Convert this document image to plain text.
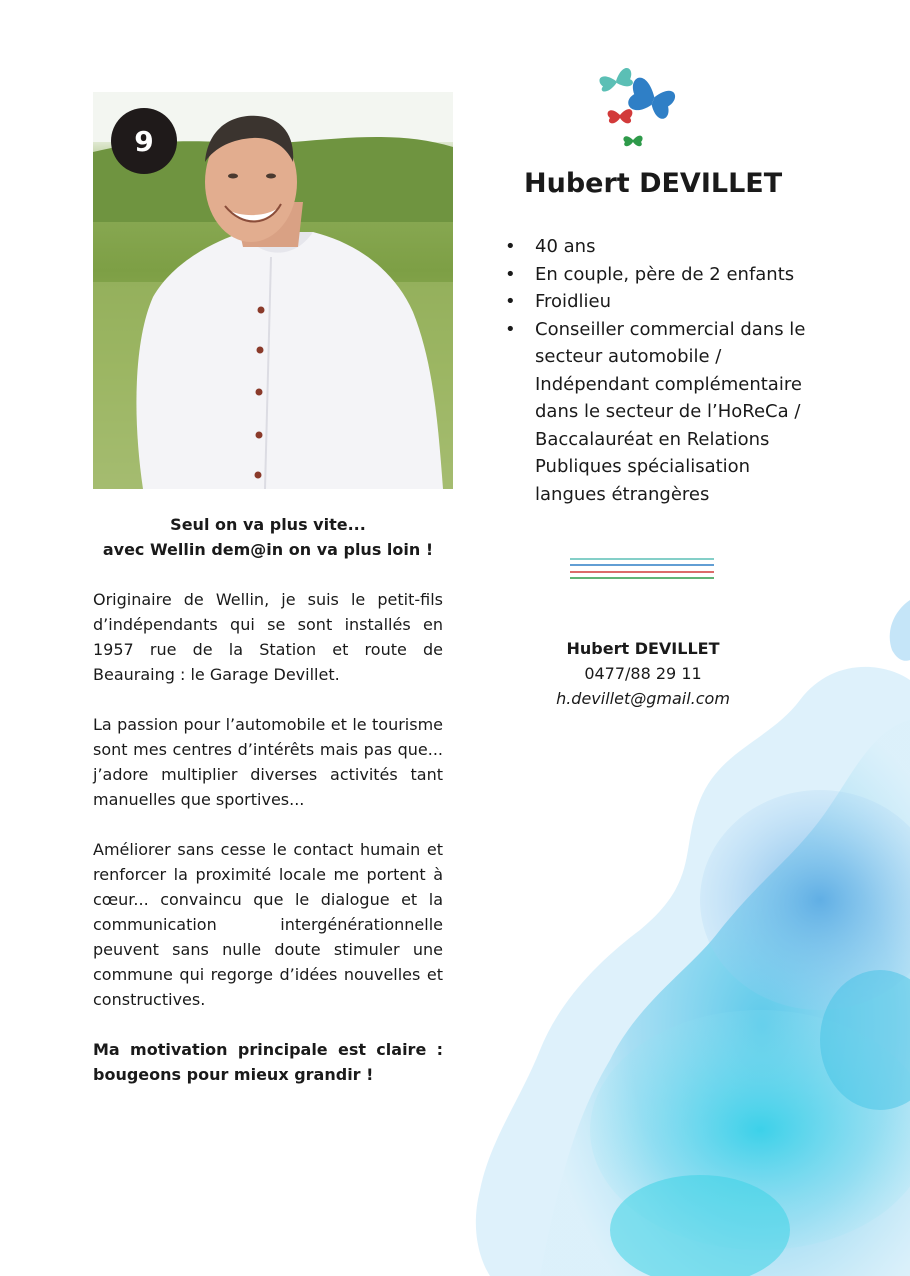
9
Seul on va plus vite...
avec Wellin dem@in on va plus loin !

Originaire de Wellin, je suis le petit-fils d’indépendants qui se sont installés en 1957 rue de la Station et route de Beauraing : le Garage Devillet.

La passion pour l’automobile et le tourisme sont mes centres d’intérêts mais pas que... j’adore multiplier diverses activités tant manuelles que sportives...

Améliorer sans cesse le contact humain et renforcer la proximité locale me portent à cœur... convaincu que le dialogue et la communication intergénérationnelle peuvent sans nulle doute stimuler une commune qui regorge d’idées nouvelles et constructives.

Ma motivation principale est claire : bougeons pour mieux grandir !

Hubert DEVILLET
• 40 ans
• En couple, père de 2 enfants
• Froidlieu
• Conseiller commercial dans le secteur automobile / Indépendant complémentaire dans le secteur de l’HoReCa / Baccalauréat en Relations Publiques spécialisation langues étrangères
Hubert DEVILLET
0477/88 29 11
h.devillet@gmail.com
